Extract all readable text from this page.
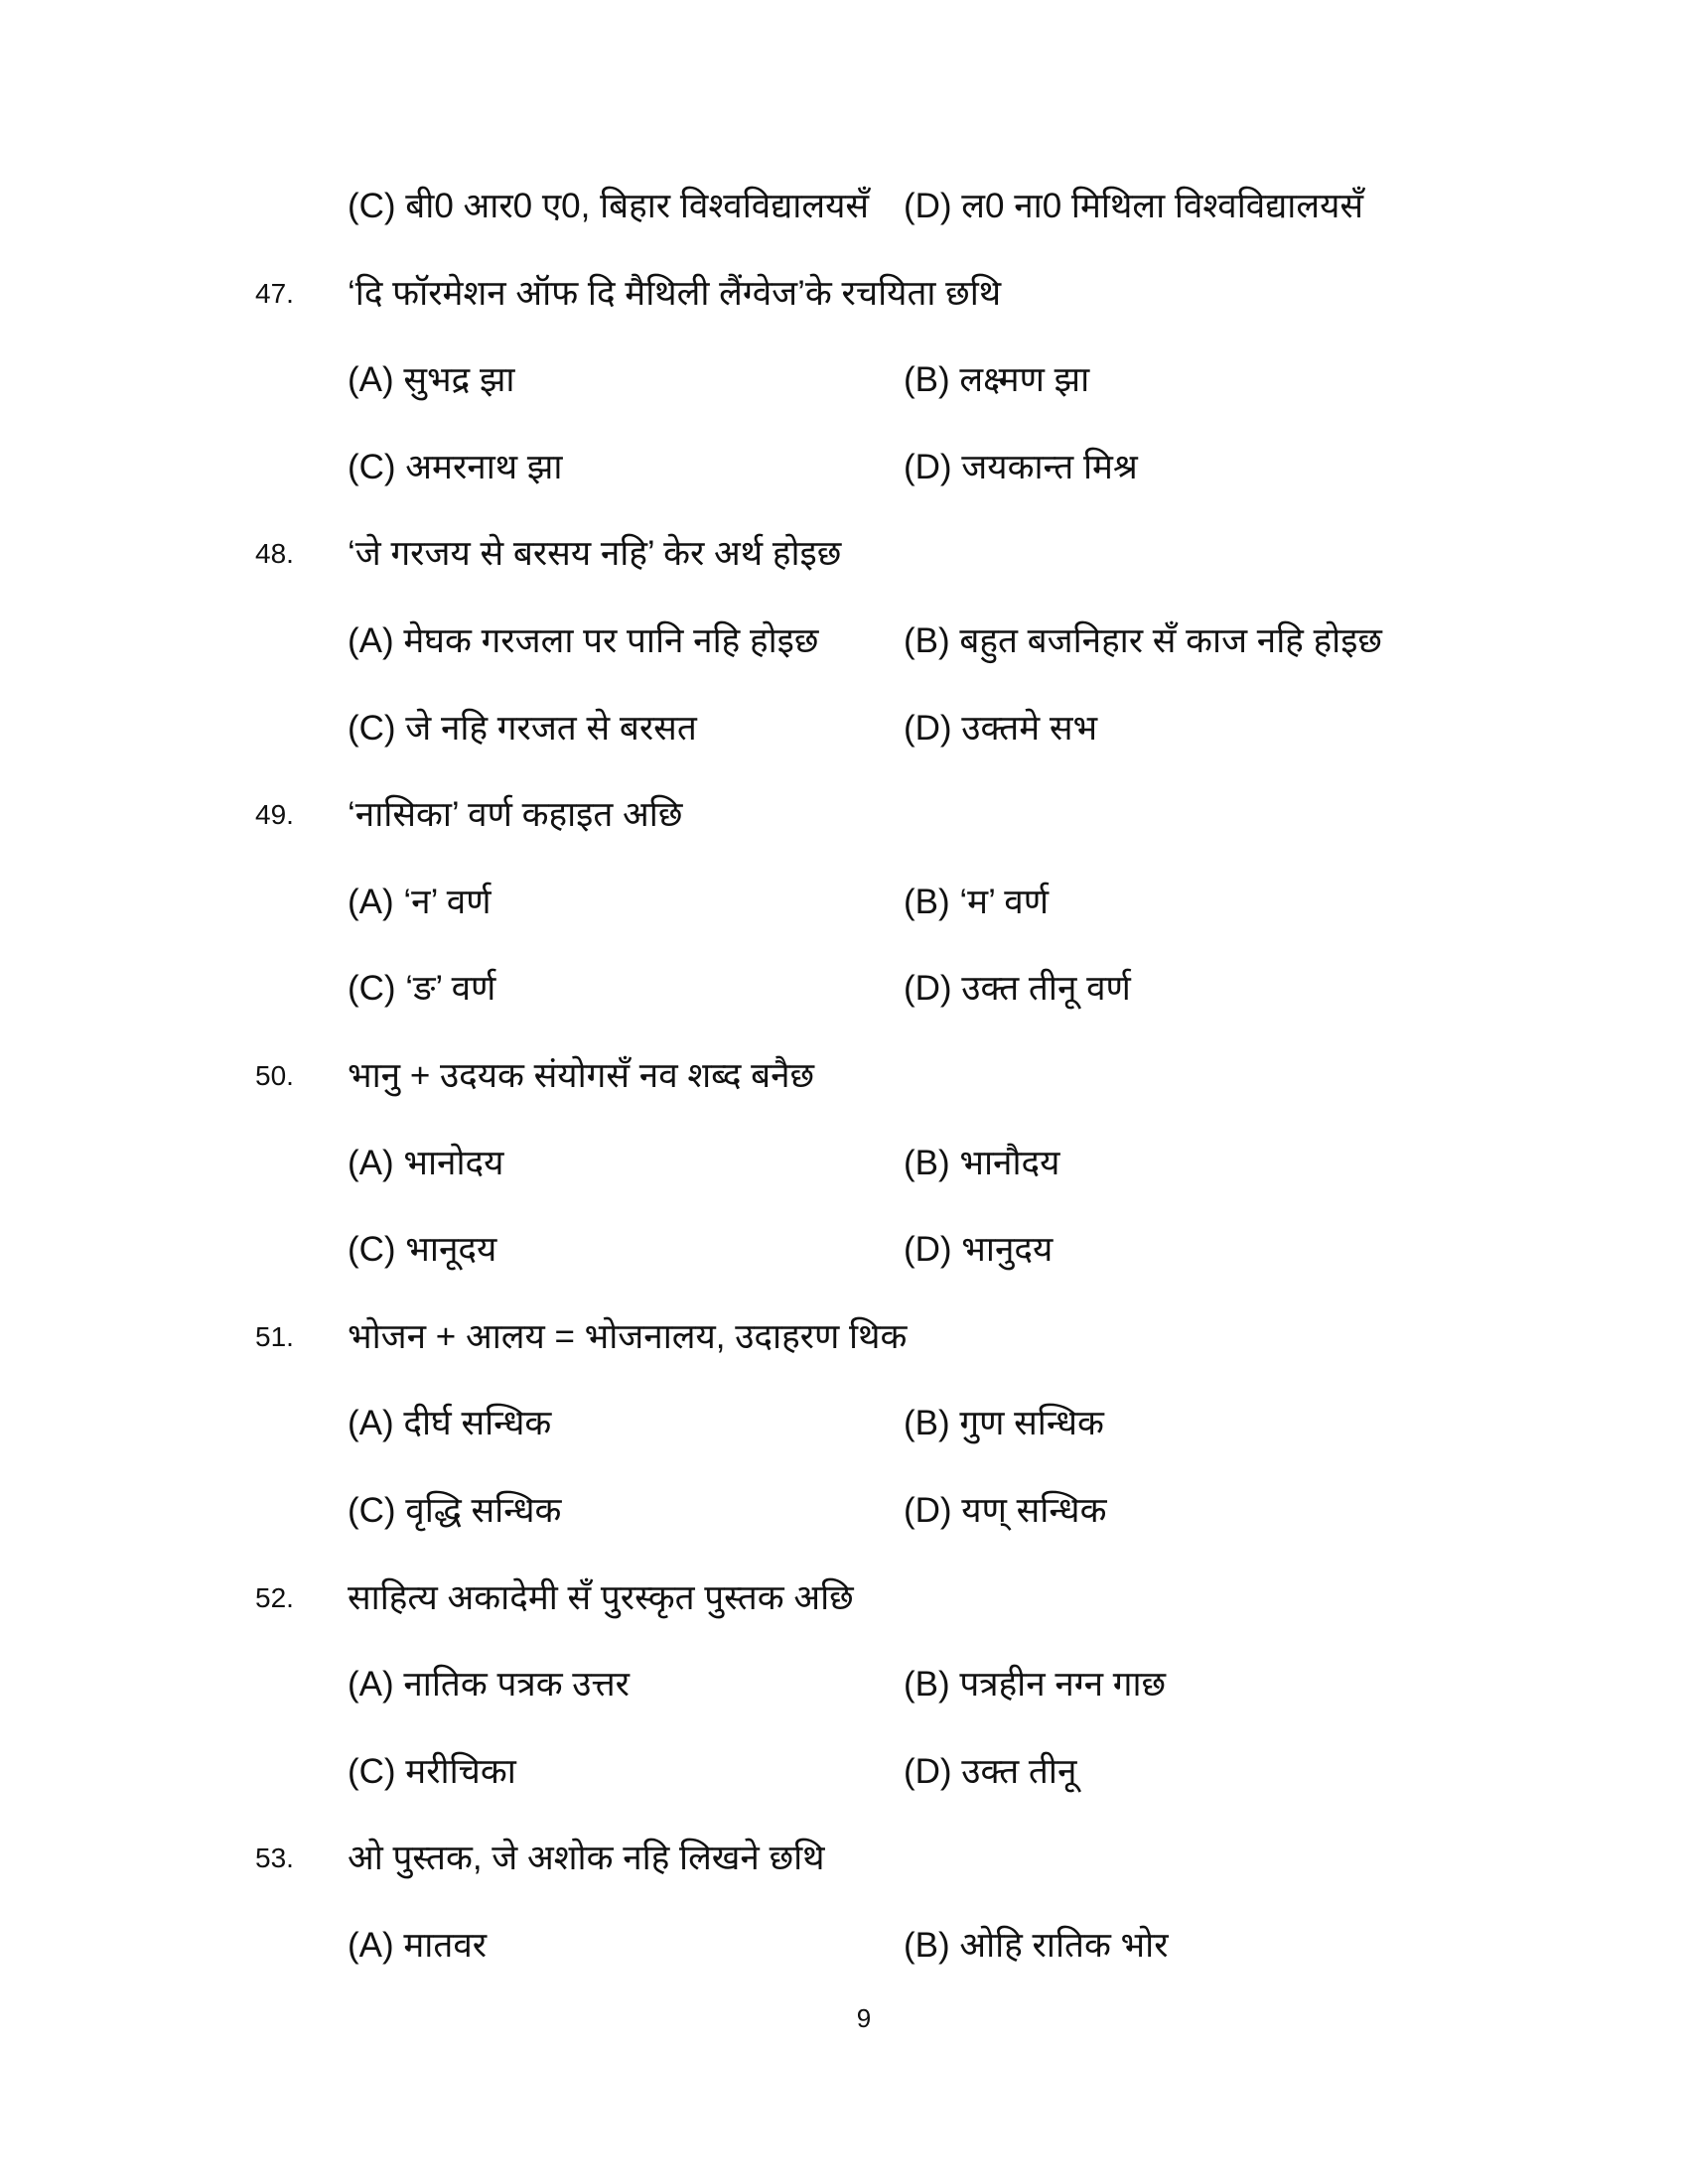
(C) बी0 आर0 ए0, बिहार विश्वविद्यालयसँ (D) ल0 ना0 मिथिला विश्वविद्यालयसँ
47. ‘दि फॉरमेशन ऑफ दि मैथिली लैंग्वेज’के रचयिता छथि
(A) सुभद्र झा	(B) लक्ष्मण झा
(C) अमरनाथ झा	(D) जयकान्त मिश्र
48. ‘जे गरजय से बरसय नहि’ केर अर्थ होइछ
(A) मेघक गरजला पर पानि नहि होइछ (B) बहुत बजनिहार सँ काज नहि होइछ
(C) जे नहि गरजत से बरसत	(D) उक्तमे सभ
49. ‘नासिका’ वर्ण कहाइत अछि
(A) ‘न’ वर्ण	(B) ‘म’ वर्ण
(C) ‘ङ’ वर्ण	(D) उक्त तीनू वर्ण
50. भानु + उदयक संयोगसँ नव शब्द बनैछ
(A) भानोदय	(B) भानौदय
(C) भानूदय	(D) भानुदय
51. भोजन + आलय = भोजनालय, उदाहरण थिक
(A) दीर्घ सन्धिक	(B) गुण सन्धिक
(C) वृद्धि सन्धिक	(D) यण् सन्धिक
52. साहित्य अकादेमी सँ पुरस्कृत पुस्तक अछि
(A) नातिक पत्रक उत्तर	(B) पत्रहीन नग्न गाछ
(C) मरीचिका	(D) उक्त तीनू
53. ओ पुस्तक, जे अशोक नहि लिखने छथि
(A) मातवर	(B) ओहि रातिक भोर
9
